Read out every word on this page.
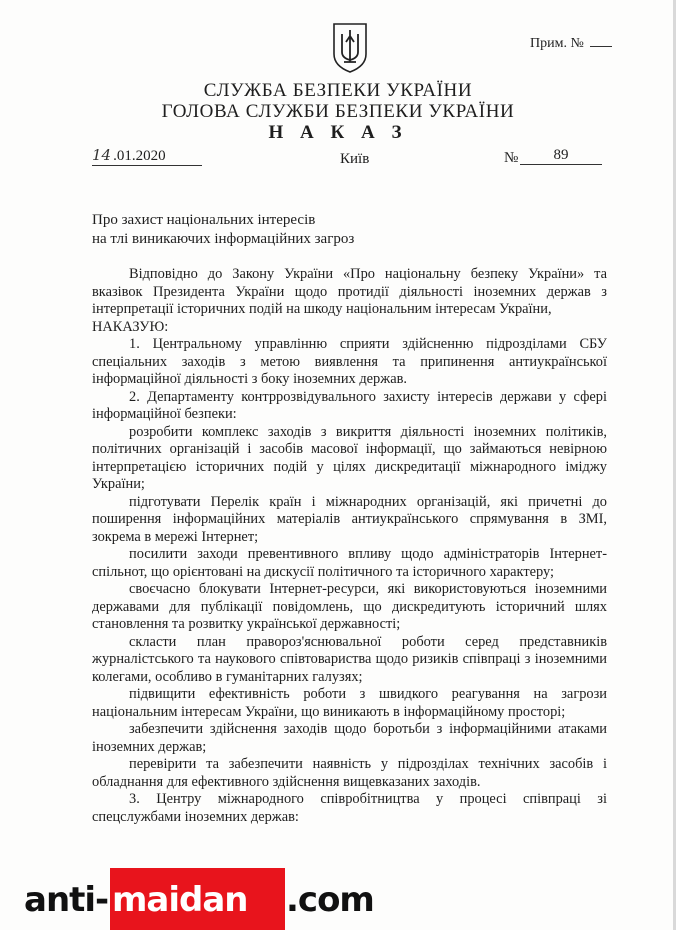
Прим. №
СЛУЖБА БЕЗПЕКИ УКРАЇНИ
ГОЛОВА СЛУЖБИ БЕЗПЕКИ УКРАЇНИ
Н А К А З
14 .01.2020	Київ	№	89
Про захист національних інтересів
на тлі виникаючих інформаційних загроз

Відповідно до Закону України «Про національну безпеку України» та вказівок Президента України щодо протидії діяльності іноземних держав з інтерпретації історичних подій на шкоду національним інтересам України,

НАКАЗУЮ:

1. Центральному управлінню сприяти здійсненню підрозділами СБУ спеціальних заходів з метою виявлення та припинення антиукраїнської інформаційної діяльності з боку іноземних держав.

2. Департаменту контррозвідувального захисту інтересів держави у сфері інформаційної безпеки:

розробити комплекс заходів з викриття діяльності іноземних політиків, політичних організацій і засобів масової інформації, що займаються невірною інтерпретацією історичних подій у цілях дискредитації міжнародного іміджу України;

підготувати Перелік країн і міжнародних організацій, які причетні до поширення інформаційних матеріалів антиукраїнського спрямування в ЗМІ, зокрема в мережі Інтернет;

посилити заходи превентивного впливу щодо адміністраторів Інтернет-спільнот, що орієнтовані на дискусії політичного та історичного характеру;

своєчасно блокувати Інтернет-ресурси, які використовуються іноземними державами для публікації повідомлень, що дискредитують історичний шлях становлення та розвитку української державності;

скласти план правороз'яснювальної роботи серед представників журналістського та наукового співтовариства щодо ризиків співпраці з іноземними колегами, особливо в гуманітарних галузях;

підвищити ефективність роботи з швидкого реагування на загрози національним інтересам України, що виникають в інформаційному просторі;

забезпечити здійснення заходів щодо боротьби з інформаційними атаками іноземних держав;

перевірити та забезпечити наявність у підрозділах технічних засобів і обладнання для ефективного здійснення вищевказаних заходів.

3. Центру міжнародного співробітництва у процесі співпраці зі спецслужбами іноземних держав:

anti- maidan .com
